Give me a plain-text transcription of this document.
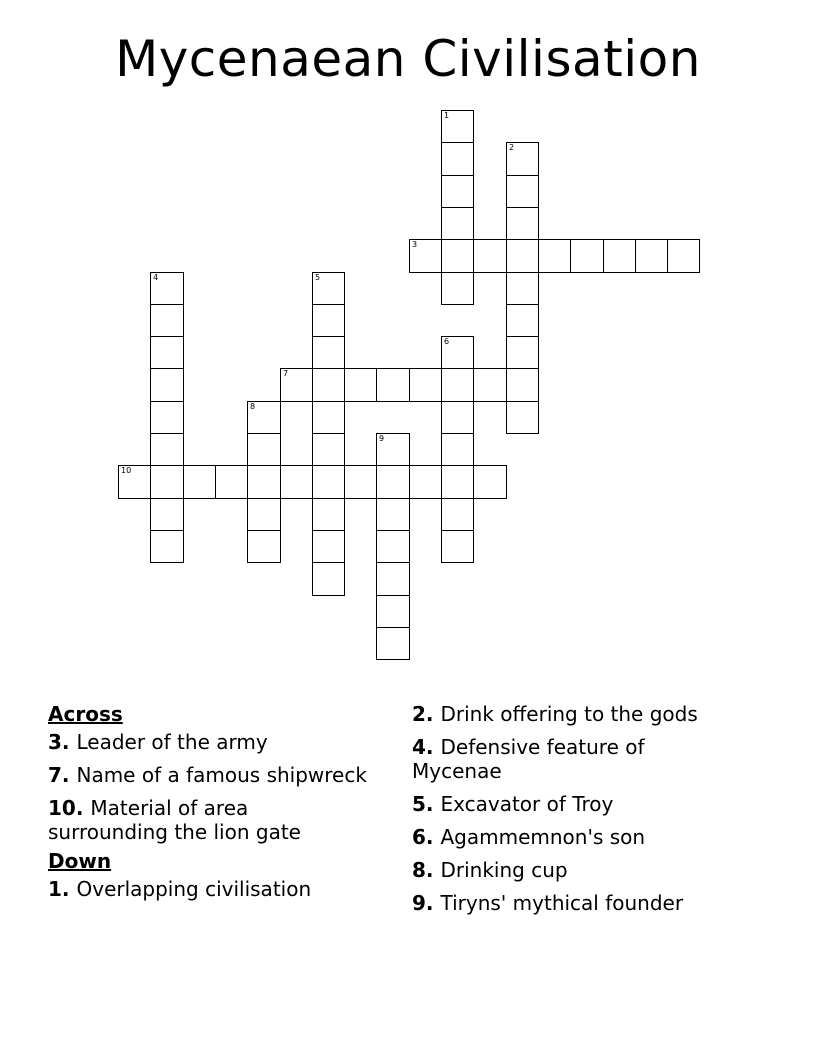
Mycenaean Civilisation
1
2
3
4	5
6
7
8
9
10
Across
3. Leader of the army
7. Name of a famous shipwreck
10. Material of area surrounding the lion gate
Down
1. Overlapping civilisation
2. Drink offering to the gods
4. Defensive feature of Mycenae
5. Excavator of Troy
6. Agammemnon's son
8. Drinking cup
9. Tiryns' mythical founder
